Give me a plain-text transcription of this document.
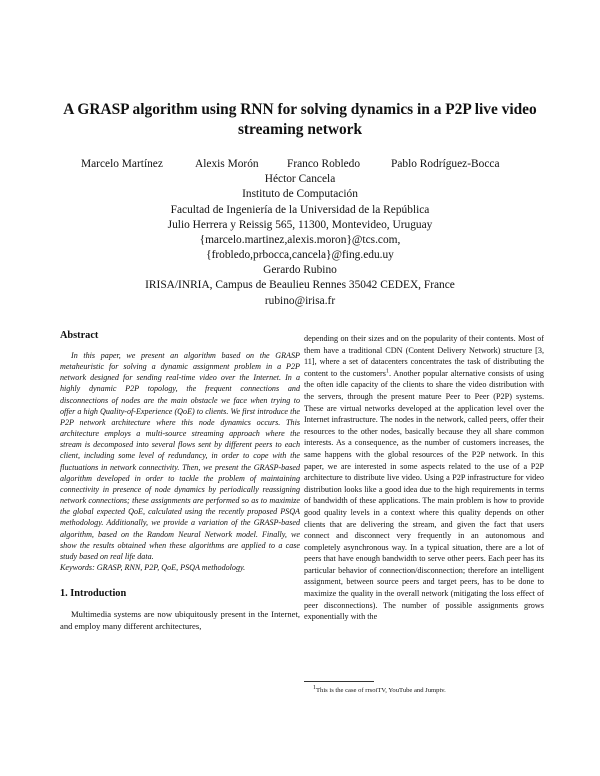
A GRASP algorithm using RNN for solving dynamics in a P2P live video streaming network
Marcelo Martínez	Alexis Morón Franco Robledo	Pablo Rodríguez-Bocca
Héctor Cancela
Instituto de Computación
Facultad de Ingeniería de la Universidad de la República
Julio Herrera y Reissig 565, 11300, Montevideo, Uruguay
{marcelo.martinez,alexis.moron}@tcs.com,
{frobledo,prbocca,cancela}@fing.edu.uy
Gerardo Rubino
IRISA/INRIA, Campus de Beaulieu Rennes 35042 CEDEX, France
rubino@irisa.fr

Abstract

In this paper, we present an algorithm based on the GRASP metaheuristic for solving a dynamic assignment problem in a P2P network designed for sending real-time video over the Internet. In a highly dynamic P2P topology, the frequent connections and disconnections of nodes are the main obstacle we face when trying to offer a high Quality-of-Experience (QoE) to clients. We first introduce the P2P network architecture where this node dynamics occurs. This architecture employs a multi-source streaming approach where the stream is decomposed into several flows sent by different peers to each client, including some level of redundancy, in order to cope with the fluctuations in network connectivity. Then, we present the GRASP-based algorithm developed in order to tackle the problem of maintaining connectivity in presence of node dynamics by periodically reassigning network connections; these assignments are performed so as to maximize the global expected QoE, calculated using the recently proposed PSQA methodology. Additionally, we provide a variation of the GRASP-based algorithm, based on the Random Neural Network model. Finally, we show the results obtained when these algorithms are applied to a case study based on real life data.

Keywords: GRASP, RNN, P2P, QoE, PSQA methodology.

1. Introduction

Multimedia systems are now ubiquitously present in the Internet, and employ many different architectures,

depending on their sizes and on the popularity of their contents. Most of them have a traditional CDN (Content Delivery Network) structure [3, 11], where a set of datacenters concentrates the task of distributing the content to the customers$^1$. Another popular alternative consists of using the often idle capacity of the clients to share the video distribution with the servers, through the present mature Peer to Peer (P2P) systems. These are virtual networks developed at the application level over the Internet infrastructure. The nodes in the network, called peers, offer their resources to the other nodes, basically because they all share common interests. As a consequence, as the number of customers increases, the same happens with the global resources of the P2P network. In this paper, we are interested in some aspects related to the use of a P2P architecture to distribute live video. Using a P2P infrastructure for video distribution looks like a good idea due to the high requirements in terms of bandwidth of these applications. The main problem is how to provide good quality levels in a context where this quality depends on other clients that are delivering the stream, and given the fact that users connect and disconnect very frequently in an autonomous and completely asynchronous way. In a typical situation, there are a lot of peers that have enough bandwidth to serve other peers. Each peer has its particular behavior of connection/disconnection; therefore an intelligent assignment, between source peers and target peers, has to be done to maximize the quality in the overall network (mitigating the loss effect of peer disconnections). The number of possible assignments grows exponentially with the

$^1$This is the case of rrsoiTV, YouTube and Jumptv.
